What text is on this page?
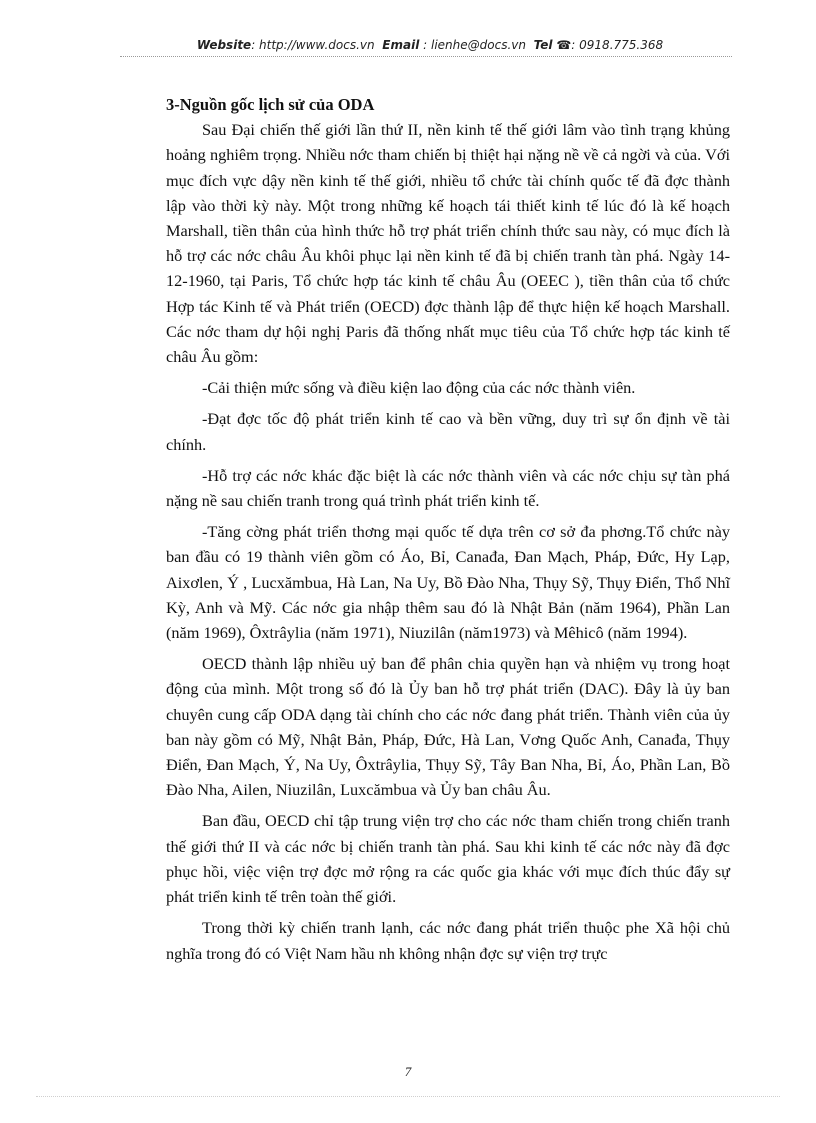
Website: http://www.docs.vn Email : lienhe@docs.vn Tel ☎: 0918.775.368
3-Nguồn gốc lịch sử của ODA

Sau Đại chiến thế giới lần thứ II, nền kinh tế thế giới lâm vào tình trạng khủng hoảng nghiêm trọng. Nhiều nớc tham chiến bị thiệt hại nặng nề về cả ngời và của. Với mục đích vực dậy nền kinh tế thế giới, nhiều tổ chức tài chính quốc tế đã đợc thành lập vào thời kỳ này. Một trong những kế hoạch tái thiết kinh tế lúc đó là kế hoạch Marshall, tiền thân của hình thức hỗ trợ phát triển chính thức sau này, có mục đích là hỗ trợ các nớc châu Âu khôi phục lại nền kinh tế đã bị chiến tranh tàn phá. Ngày 14-12-1960, tại Paris, Tổ chức hợp tác kinh tế châu Âu (OEEC ), tiền thân của tổ chức Hợp tác Kinh tế và Phát triển (OECD) đợc thành lập để thực hiện kế hoạch Marshall. Các nớc tham dự hội nghị Paris đã thống nhất mục tiêu của Tổ chức hợp tác kinh tế châu Âu gồm:

-Cải thiện mức sống và điều kiện lao động của các nớc thành viên.

-Đạt đợc tốc độ phát triển kinh tế cao và bền vững, duy trì sự ổn định về tài chính.

-Hỗ trợ các nớc khác đặc biệt là các nớc thành viên và các nớc chịu sự tàn phá nặng nề sau chiến tranh trong quá trình phát triển kinh tế.

-Tăng cờng phát triển thơng mại quốc tế dựa trên cơ sở đa phơng.Tổ chức này ban đầu có 19 thành viên gồm có Áo, Bỉ, Canađa, Đan Mạch, Pháp, Đức, Hy Lạp, Aixơlen, Ý , Lucxămbua, Hà Lan, Na Uy, Bồ Đào Nha, Thụy Sỹ, Thụy Điển, Thổ Nhĩ Kỳ, Anh và Mỹ. Các nớc gia nhập thêm sau đó là Nhật Bản (năm 1964), Phần Lan (năm 1969), Ôxtrâylia (năm 1971), Niuzilân (năm1973) và Mêhicô (năm 1994).

OECD thành lập nhiều uỷ ban để phân chia quyền hạn và nhiệm vụ trong hoạt động của mình. Một trong số đó là Ủy ban hỗ trợ phát triển (DAC). Đây là ủy ban chuyên cung cấp ODA dạng tài chính cho các nớc đang phát triển. Thành viên của ủy ban này gồm có Mỹ, Nhật Bản, Pháp, Đức, Hà Lan, Vơng Quốc Anh, Canađa, Thụy Điển, Đan Mạch, Ý, Na Uy, Ôxtrâylia, Thụy Sỹ, Tây Ban Nha, Bỉ, Áo, Phần Lan, Bồ Đào Nha, Ailen, Niuzilân, Luxcămbua và Ủy ban châu Âu.

Ban đầu, OECD chỉ tập trung viện trợ cho các nớc tham chiến trong chiến tranh thế giới thứ II và các nớc bị chiến tranh tàn phá. Sau khi kinh tế các nớc này đã đợc phục hồi, việc viện trợ đợc mở rộng ra các quốc gia khác với mục đích thúc đẩy sự phát triển kinh tế trên toàn thế giới.

Trong thời kỳ chiến tranh lạnh, các nớc đang phát triển thuộc phe Xã hội chủ nghĩa trong đó có Việt Nam hầu nh không nhận đợc sự viện trợ trực

7
